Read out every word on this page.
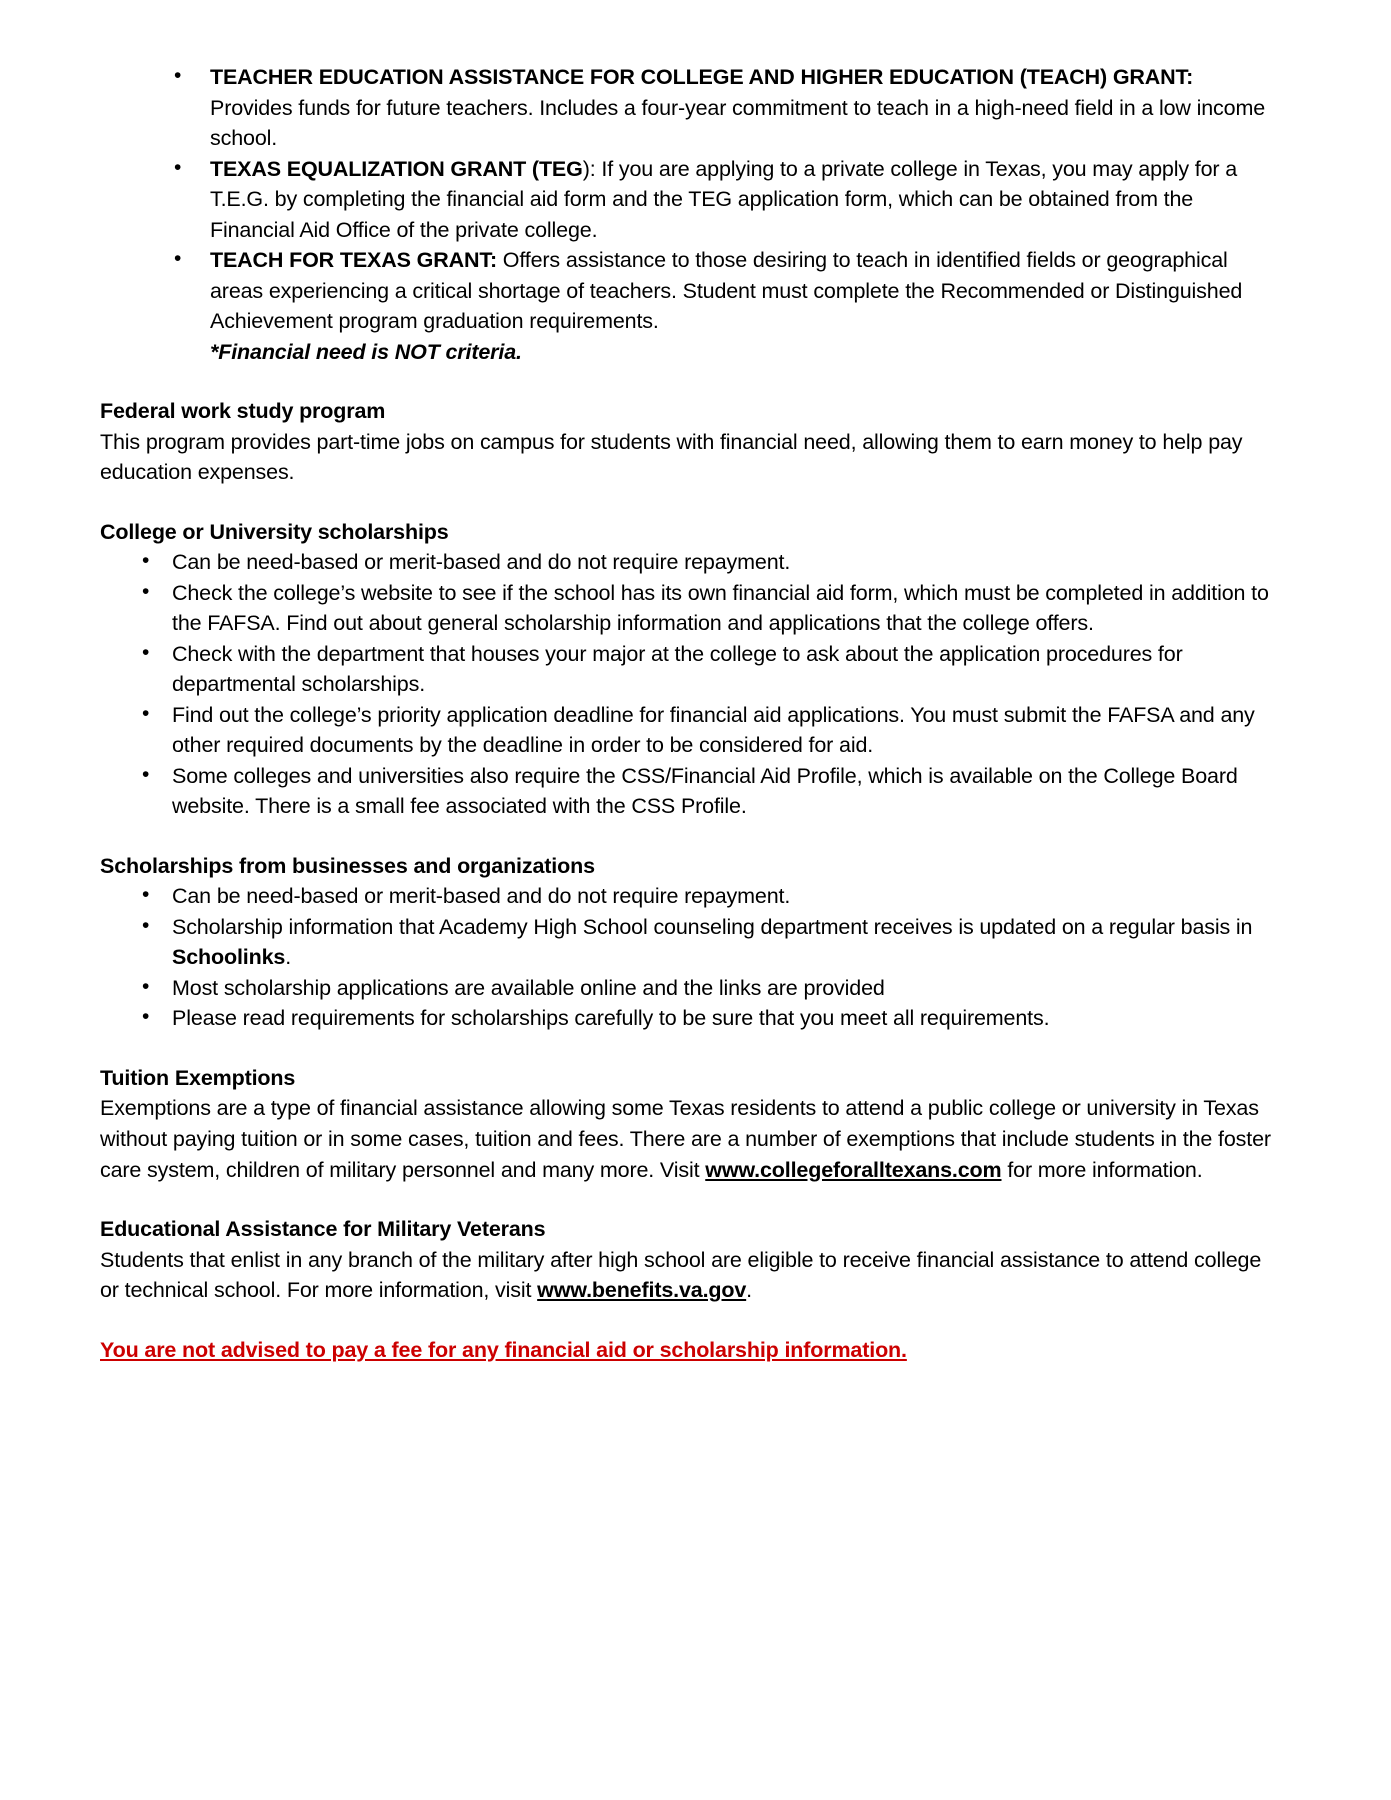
• TEACHER EDUCATION ASSISTANCE FOR COLLEGE AND HIGHER EDUCATION (TEACH) GRANT: Provides funds for future teachers. Includes a four-year commitment to teach in a high-need field in a low income school.
• TEXAS EQUALIZATION GRANT (TEG): If you are applying to a private college in Texas, you may apply for a T.E.G. by completing the financial aid form and the TEG application form, which can be obtained from the Financial Aid Office of the private college.
• TEACH FOR TEXAS GRANT: Offers assistance to those desiring to teach in identified fields or geographical areas experiencing a critical shortage of teachers. Student must complete the Recommended or Distinguished Achievement program graduation requirements.
*Financial need is NOT criteria.
Federal work study program

This program provides part-time jobs on campus for students with financial need, allowing them to earn money to help pay education expenses.

College or University scholarships
• Can be need-based or merit-based and do not require repayment.
• Check the college’s website to see if the school has its own financial aid form, which must be completed in addition to the FAFSA. Find out about general scholarship information and applications that the college offers.
• Check with the department that houses your major at the college to ask about the application procedures for departmental scholarships.
• Find out the college’s priority application deadline for financial aid applications. You must submit the FAFSA and any other required documents by the deadline in order to be considered for aid.
• Some colleges and universities also require the CSS/Financial Aid Profile, which is available on the College Board website. There is a small fee associated with the CSS Profile.
Scholarships from businesses and organizations
• Can be need-based or merit-based and do not require repayment.
• Scholarship information that Academy High School counseling department receives is updated on a regular basis in Schoolinks.
• Most scholarship applications are available online and the links are provided
• Please read requirements for scholarships carefully to be sure that you meet all requirements.
Tuition Exemptions

Exemptions are a type of financial assistance allowing some Texas residents to attend a public college or university in Texas without paying tuition or in some cases, tuition and fees. There are a number of exemptions that include students in the foster care system, children of military personnel and many more. Visit www.collegeforalltexans.com for more information.

Educational Assistance for Military Veterans

Students that enlist in any branch of the military after high school are eligible to receive financial assistance to attend college or technical school. For more information, visit www.benefits.va.gov.

You are not advised to pay a fee for any financial aid or scholarship information.
